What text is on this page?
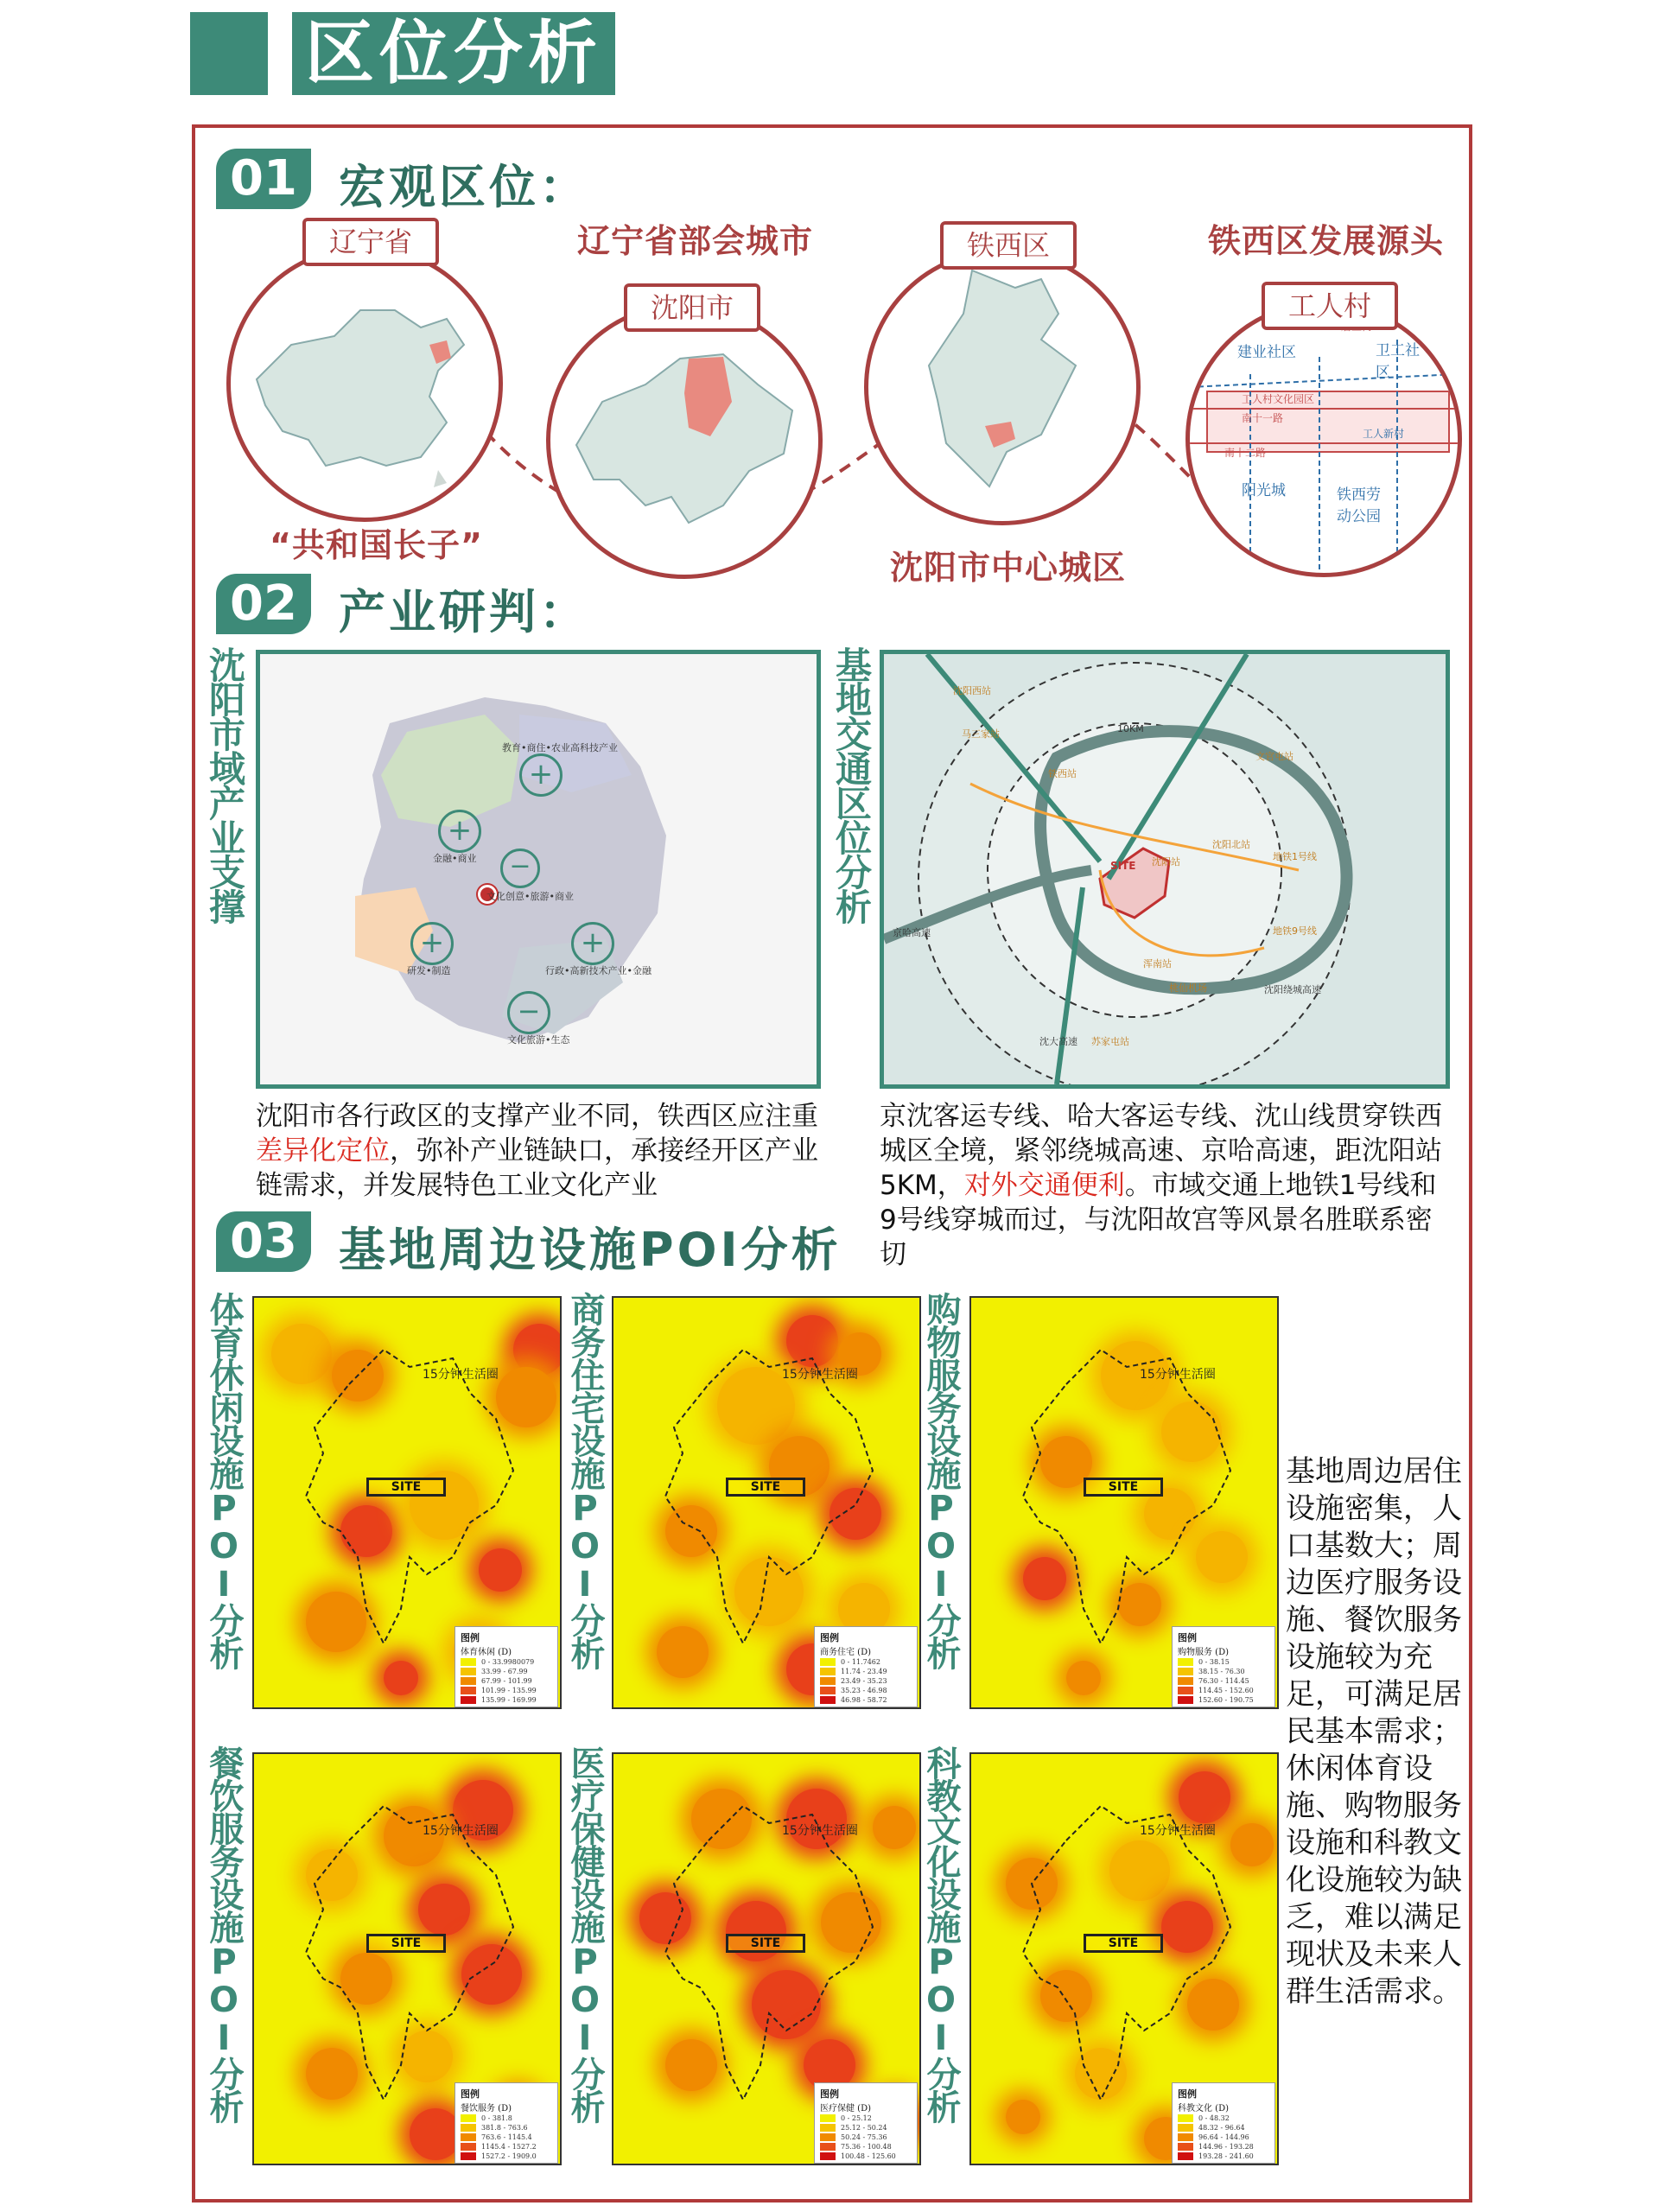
区位分析
01 宏观区位：
辽宁省
“共和国长子”
辽宁省部会城市
沈阳市
铁西区
沈阳市中心城区
铁西区发展源头
建业社区	卫工社区
工人村文化园区
南十一路
南十二路
工人新村
阳光城	铁西劳动公园
工人村
02 产业研判：
沈阳市域产业支撑	+
+
−
+	+
−
教育•商住•农业高科技产业
金融•商业
文化创意•旅游•商业
研发•制造	行政•高新技术产业•金融
文化旅游•生态
沈阳市各行政区的支撑产业不同，铁西区应注重差异化定位，弥补产业链缺口，承接经开区产业链需求，并发展特色工业文化产业
基地交通区位分析	沈阳西站
马三家站
铁西站
沈阳北站
文官屯站
浑南站
沈阳站
苏家屯站
桃仙机场
SITE
地铁1号线
地铁9号线
京哈高速
沈阳绕城高速
沈大高速
10KM
京沈客运专线、哈大客运专线、沈山线贯穿铁西城区全境，紧邻绕城高速、京哈高速，距沈阳站5KM，对外交通便利。市域交通上地铁1号线和9号线穿城而过，与沈阳故宫等风景名胜联系密切
03 基地周边设施POI分析
体育休闲设施POI分析	商务住宅设施POI分析	购物服务设施POI分析
餐饮服务设施POI分析	医疗保健设施POI分析	科教文化设施POI分析
15分钟生活圈
SITE
图例
体育休闲 (D)
0 - 33.9980079
33.99 - 67.99
67.99 - 101.99
101.99 - 135.99
135.99 - 169.99
15分钟生活圈
SITE
图例
商务住宅 (D)
0 - 11.7462
11.74 - 23.49
23.49 - 35.23
35.23 - 46.98
46.98 - 58.72
15分钟生活圈
SITE
图例
购物服务 (D)
0 - 38.15
38.15 - 76.30
76.30 - 114.45
114.45 - 152.60
152.60 - 190.75
15分钟生活圈
SITE
图例
餐饮服务 (D)
0 - 381.8
381.8 - 763.6
763.6 - 1145.4
1145.4 - 1527.2
1527.2 - 1909.0
15分钟生活圈
SITE
图例
医疗保健 (D)
0 - 25.12
25.12 - 50.24
50.24 - 75.36
75.36 - 100.48
100.48 - 125.60
15分钟生活圈
SITE
图例
科教文化 (D)
0 - 48.32
48.32 - 96.64
96.64 - 144.96
144.96 - 193.28
193.28 - 241.60
基地周边居住设施密集，人口基数大；周边医疗服务设施、餐饮服务设施较为充足，可满足居民基本需求；休闲体育设施、购物服务设施和科教文化设施较为缺乏，难以满足现状及未来人群生活需求。
